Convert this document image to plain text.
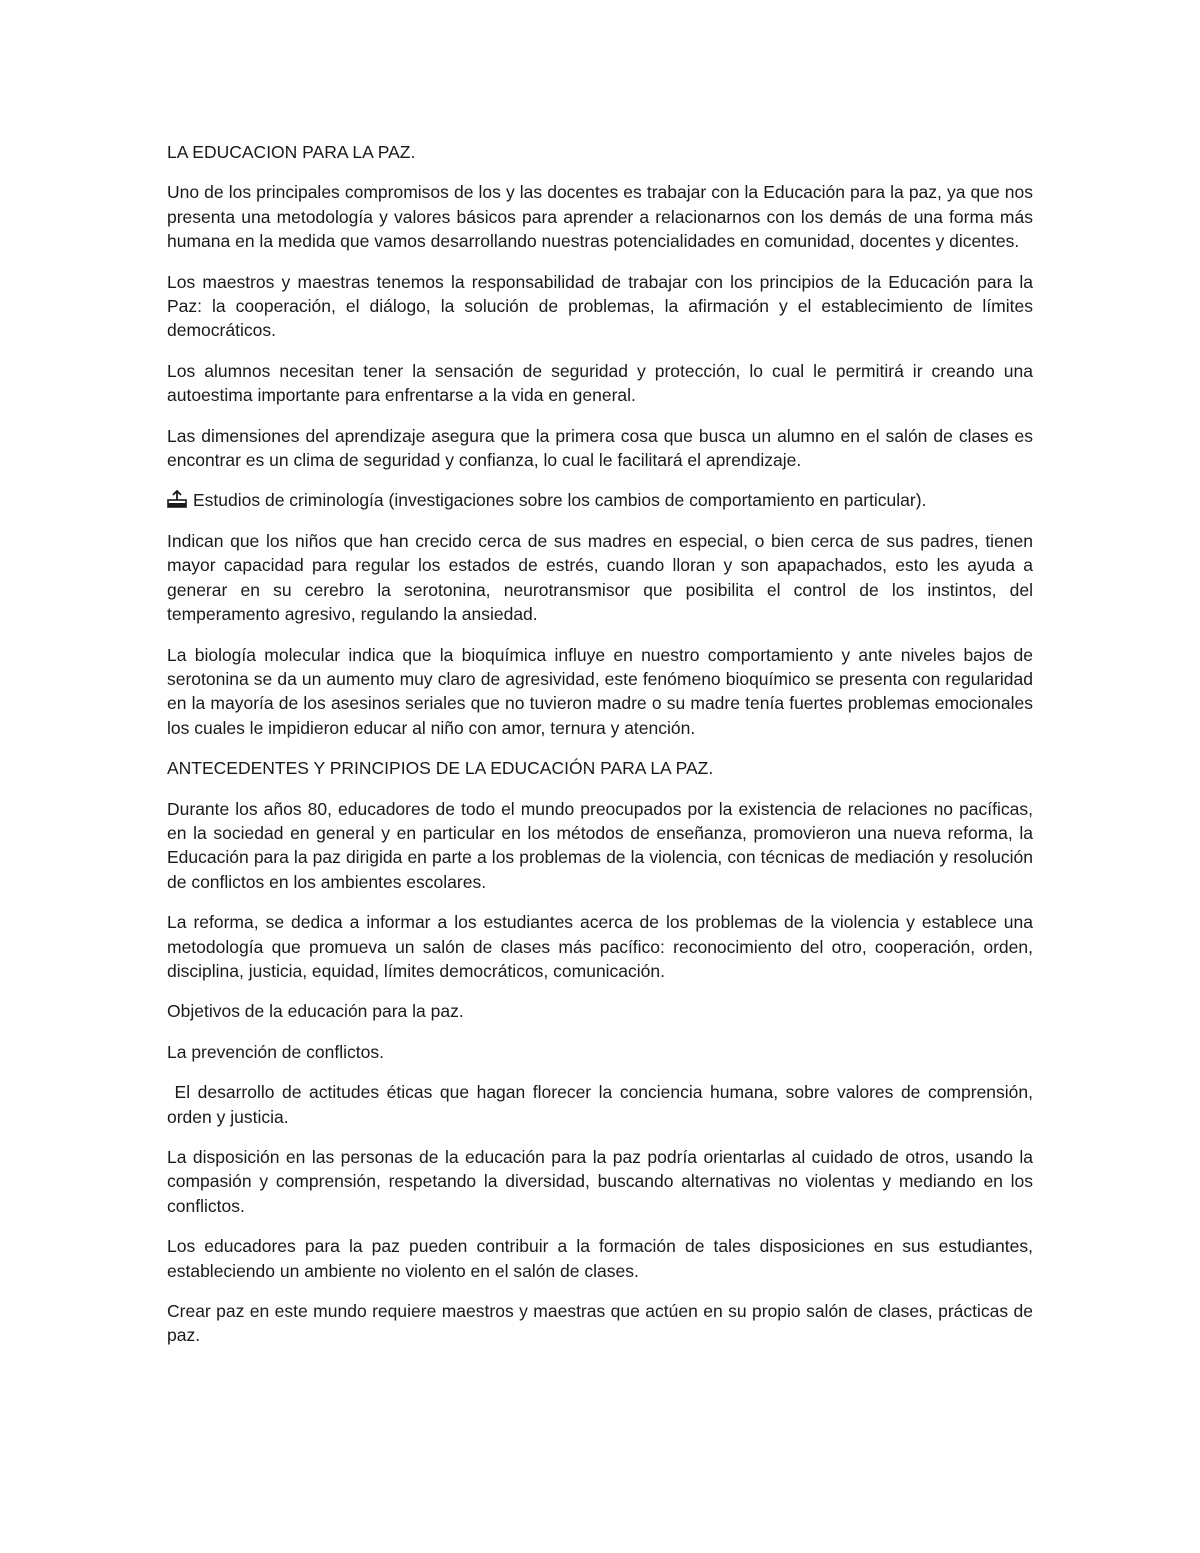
LA EDUCACION PARA LA PAZ.

Uno de los principales compromisos de los y las docentes es trabajar con la Educación para la paz, ya que nos presenta una metodología y valores básicos para aprender a relacionarnos con los demás de una forma más humana en la medida que vamos desarrollando nuestras potencialidades en comunidad, docentes y dicentes.

Los maestros y maestras tenemos la responsabilidad de trabajar con los principios de la Educación para la Paz: la cooperación, el diálogo, la solución de problemas, la afirmación y el establecimiento de límites democráticos.

Los alumnos necesitan tener la sensación de seguridad y protección, lo cual le permitirá ir creando una autoestima importante para enfrentarse a la vida en general.

Las dimensiones del aprendizaje asegura que la primera cosa que busca un alumno en el salón de clases es encontrar es un clima de seguridad y confianza, lo cual le facilitará el aprendizaje.

Estudios de criminología (investigaciones sobre los cambios de comportamiento en particular).

Indican que los niños que han crecido cerca de sus madres en especial, o bien cerca de sus padres, tienen mayor capacidad para regular los estados de estrés, cuando lloran y son apapachados, esto les ayuda a generar en su cerebro la serotonina, neurotransmisor que posibilita el control de los instintos, del temperamento agresivo, regulando la ansiedad.

La biología molecular indica que la bioquímica influye en nuestro comportamiento y ante niveles bajos de serotonina se da un aumento muy claro de agresividad, este fenómeno bioquímico se presenta con regularidad en la mayoría de los asesinos seriales que no tuvieron madre o su madre tenía fuertes problemas emocionales los cuales le impidieron educar al niño con amor, ternura y atención.

ANTECEDENTES Y PRINCIPIOS DE LA EDUCACIÓN PARA LA PAZ.

Durante los años 80, educadores de todo el mundo preocupados por la existencia de relaciones no pacíficas, en la sociedad en general y en particular en los métodos de enseñanza, promovieron una nueva reforma, la Educación para la paz dirigida en parte a los problemas de la violencia, con técnicas de mediación y resolución de conflictos en los ambientes escolares.

La reforma, se dedica a informar a los estudiantes acerca de los problemas de la violencia y establece una metodología que promueva un salón de clases más pacífico: reconocimiento del otro, cooperación, orden, disciplina, justicia, equidad, límites democráticos, comunicación.

Objetivos de la educación para la paz.

La prevención de conflictos.

El desarrollo de actitudes éticas que hagan florecer la conciencia humana, sobre valores de comprensión, orden y justicia.

La disposición en las personas de la educación para la paz podría orientarlas al cuidado de otros, usando la compasión y comprensión, respetando la diversidad, buscando alternativas no violentas y mediando en los conflictos.

Los educadores para la paz pueden contribuir a la formación de tales disposiciones en sus estudiantes, estableciendo un ambiente no violento en el salón de clases.

Crear paz en este mundo requiere maestros y maestras que actúen en su propio salón de clases, prácticas de paz.
